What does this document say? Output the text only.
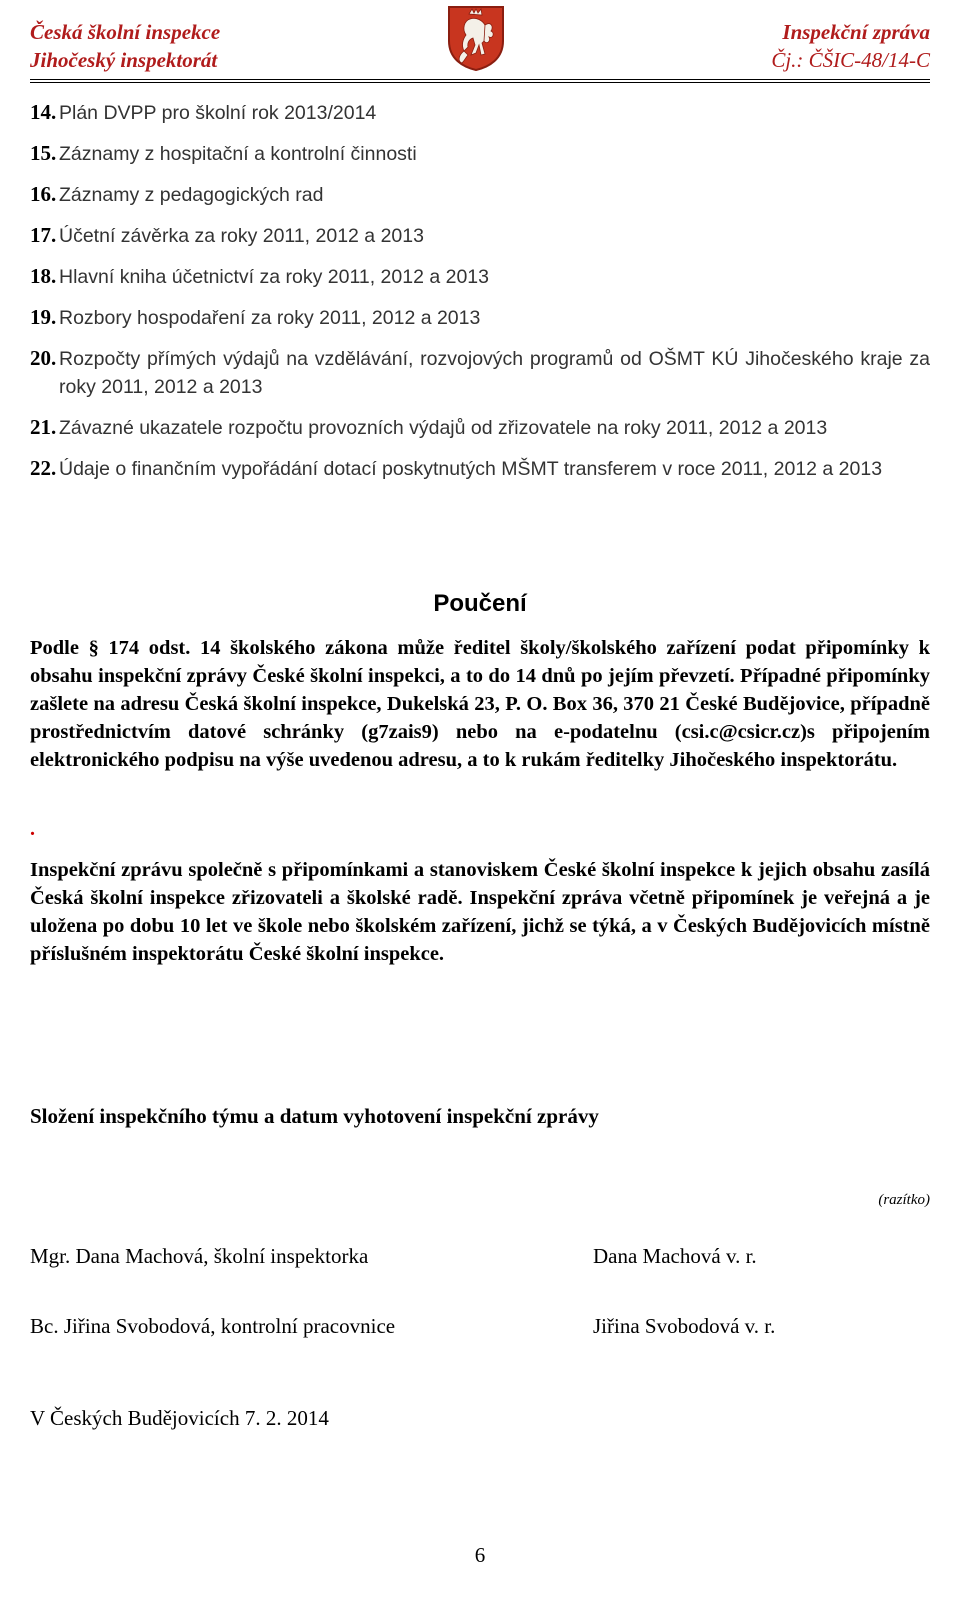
Česká školní inspekce
Jihočeský inspektorát
Inspekční zpráva
Čj.: ČŠIC-48/14-C
14. Plán DVPP pro školní rok 2013/2014
15. Záznamy z hospitační a kontrolní činnosti
16. Záznamy z pedagogických rad
17. Účetní závěrka za roky 2011, 2012 a 2013
18. Hlavní kniha účetnictví za roky 2011, 2012 a 2013
19. Rozbory hospodaření za roky 2011, 2012 a 2013
20. Rozpočty přímých výdajů na vzdělávání, rozvojových programů od OŠMT KÚ Jihočeského kraje za roky 2011, 2012 a 2013
21. Závazné ukazatele rozpočtu provozních výdajů od zřizovatele na roky 2011, 2012 a 2013
22. Údaje o finančním vypořádání dotací poskytnutých MŠMT transferem v roce 2011, 2012 a 2013
Poučení
Podle § 174 odst. 14 školského zákona může ředitel školy/školského zařízení podat připomínky k obsahu inspekční zprávy České školní inspekci, a to do 14 dnů po jejím převzetí. Případné připomínky zašlete na adresu Česká školní inspekce, Dukelská 23, P. O. Box 36, 370 21 České Budějovice, případně prostřednictvím datové schránky (g7zais9) nebo na e-podatelnu (csi.c@csicr.cz)s připojením elektronického podpisu na výše uvedenou adresu, a to k rukám ředitelky Jihočeského inspektorátu.
.
Inspekční zprávu společně s připomínkami a stanoviskem České školní inspekce k jejich obsahu zasílá Česká školní inspekce zřizovateli a školské radě. Inspekční zpráva včetně připomínek je veřejná a je uložena po dobu 10 let ve škole nebo školském zařízení, jichž se týká, a v Českých Budějovicích místně příslušném inspektorátu České školní inspekce.
Složení inspekčního týmu a datum vyhotovení inspekční zprávy
(razítko)
Mgr. Dana Machová, školní inspektorka	Dana Machová v. r.
Bc. Jiřina Svobodová, kontrolní pracovnice	Jiřina Svobodová v. r.
V Českých Budějovicích 7. 2. 2014
6
